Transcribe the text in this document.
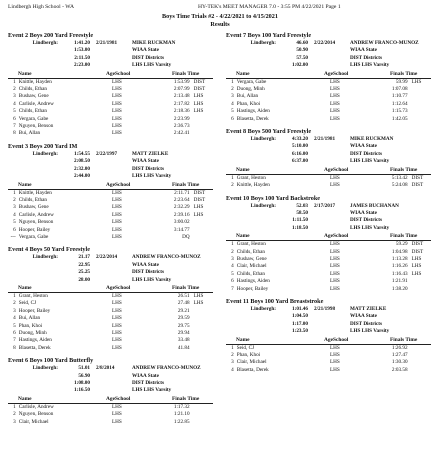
Lindbergh High School - WA	HY-TEK's MEET MANAGER 7.0 - 3:55 PM 4/22/2021 Page 1
Boys Time Trials #2 - 4/22/2021 to 4/15/2021
Results
Event 2 Boys 200 Yard Freestyle
Lindbergh:	1:41.20	2/21/1981	MIKE RUCKMAN
1:53.00	WIAA State
2:11.50	DIST Districts
2:23.00	LHS LHS Varsity
Name	AgeSchool	Finals Time
1 Knittle, Hayden	LHS	1:53.99 DIST
2 Childs, Ethan	LHS	2:07.99 DIST
3 Bushaw, Gene	LHS	2:13.48 LHS
4 Carlisle, Andrew	LHS	2:17.82 LHS
5 Childs, Ethan	LHS	2:18.36 LHS
6 Vergara, Gabe	LHS	2:23.99
7 Nguyen, Benson	LHS	2:36.73
8 Bui, Allan	LHS	2:42.41
Event 3 Boys 200 Yard IM
Lindbergh:	1:54.55	2/22/1997	MATT ZIELKE
2:08.50	WIAA State
2:32.00	DIST Districts
2:44.00	LHS LHS Varsity
Name	AgeSchool	Finals Time
1 Knittle, Hayden	LHS	2:11.71 DIST
2 Childs, Ethan	LHS	2:23.64 DIST
3 Bushaw, Gene	LHS	2:32.29 LHS
4 Carlisle, Andrew	LHS	2:39.16 LHS
5 Nguyen, Benson	LHS	3:00.02
6 Hooper, Bailey	LHS	3:14.77
--- Vergara, Gabe	LHS	DQ
Event 4 Boys 50 Yard Freestyle
Lindbergh:	21.17	2/22/2014	ANDREW FRANCO-MUNOZ
22.95	WIAA State
25.25	DIST Districts
28.00	LHS LHS Varsity
Name	AgeSchool	Finals Time
1 Grant, Heston	LHS	26.51 LHS
2 Seid, CJ	LHS	27.48 LHS
3 Hooper, Bailey	LHS	29.21
4 Bui, Allan	LHS	29.59
5 Phan, Khoi	LHS	29.75
6 Duong, Minh	LHS	29.94
7 Hastings, Aiden	LHS	33.48
8 Blasetta, Derek	LHS	41.84
Event 6 Boys 100 Yard Butterfly
Lindbergh:	51.01	2/8/2014	ANDREW FRANCO-MUNOZ
56.90	WIAA State
1:08.00	DIST Districts
1:16.50	LHS LHS Varsity
Name	AgeSchool	Finals Time
1 Carlisle, Andrew	LHS	1:17.32
2 Nguyen, Benson	LHS	1:21.10
3 Clair, Michael	LHS	1:22.85
Event 7 Boys 100 Yard Freestyle
Lindbergh:	46.60	2/22/2014	ANDREW FRANCO-MUNOZ
50.90	WIAA State
57.50	DIST Districts
1:02.00	LHS LHS Varsity
Name	AgeSchool	Finals Time
1 Vergara, Gabe	LHS	59.99 LHS
2 Duong, Minh	LHS	1:07.08
3 Bui, Allan	LHS	1:10.77
4 Phan, Khoi	LHS	1:12.64
5 Hastings, Aiden	LHS	1:15.73
6 Blasetta, Derek	LHS	1:42.05
Event 8 Boys 500 Yard Freestyle
Lindbergh:	4:33.20	2/21/1981	MIKE RUCKMAN
5:10.00	WIAA State
6:16.00	DIST Districts
6:37.00	LHS LHS Varsity
Name	AgeSchool	Finals Time
1 Grant, Heston	LHS	5:13.42 DIST
2 Knittle, Hayden	LHS	5:24.08 DIST
Event 10 Boys 100 Yard Backstroke
Lindbergh:	52.03	2/17/2017	JAMES BUCHANAN
58.50	WIAA State
1:11.50	DIST Districts
1:18.50	LHS LHS Varsity
Name	AgeSchool	Finals Time
1 Grant, Heston	LHS	59.29 DIST
2 Childs, Ethan	LHS	1:04.98 DIST
3 Bushaw, Gene	LHS	1:13.28 LHS
4 Clair, Michael	LHS	1:16.26 LHS
5 Childs, Ethan	LHS	1:16.43 LHS
6 Hastings, Aiden	LHS	1:21.91
7 Hooper, Bailey	LHS	1:38.20
Event 11 Boys 100 Yard Breaststroke
Lindbergh:	1:01.46	2/21/1998	MATT ZIELKE
1:04.50	WIAA State
1:17.00	DIST Districts
1:23.50	LHS LHS Varsity
Name	AgeSchool	Finals Time
1 Seid, CJ	LHS	1:26.92
2 Phan, Khoi	LHS	1:27.47
3 Clair, Michael	LHS	1:30.30
4 Blasetta, Derek	LHS	2:03.58
